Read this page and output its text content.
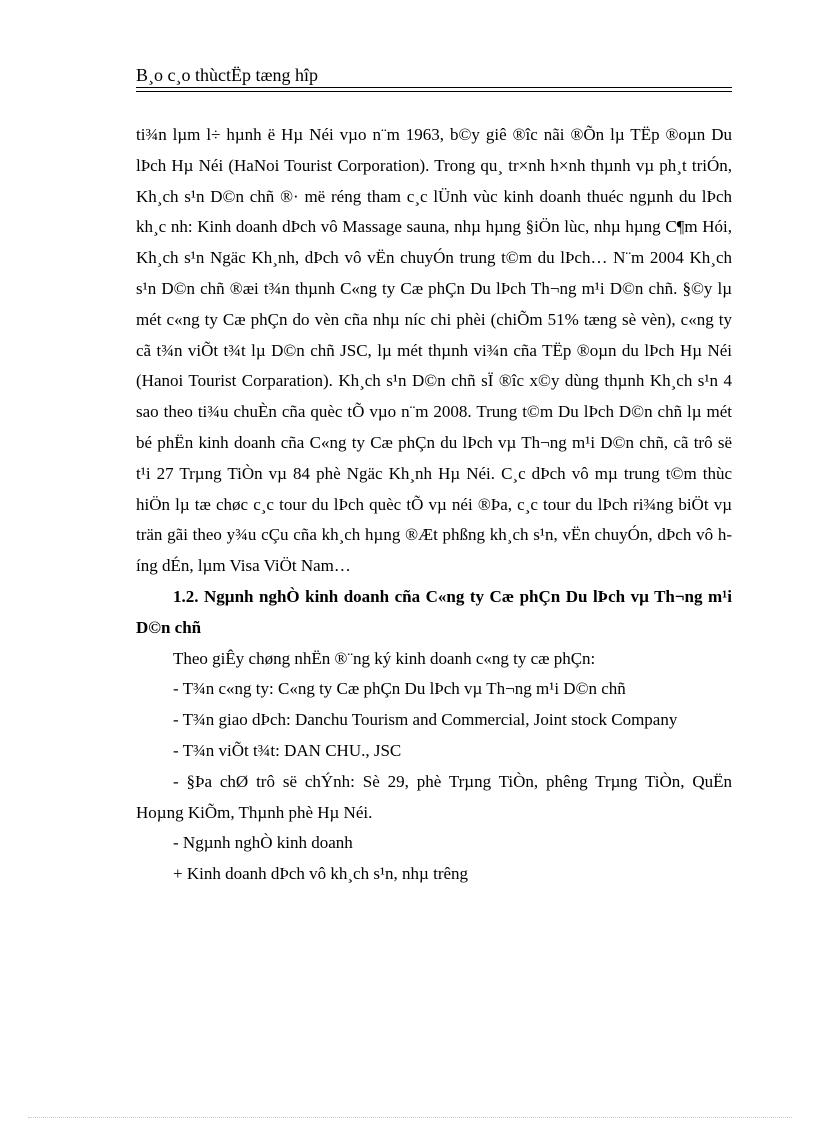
B¸o c¸o thùctËp tæng hîp

ti¾n lµm l÷ hµnh ë Hµ Néi vµo n¨m 1963, b©y giê ®îc nãi ®Õn lµ TËp ®oµn Du lÞch Hµ Néi (HaNoi Tourist Corporation). Trong qu¸ tr×nh h×nh thµnh vµ ph¸t triÓn, Kh¸ch s¹n D©n chñ ®· më réng tham c¸c lÜnh vùc kinh doanh thuéc ngµnh du lÞch kh¸c nh: Kinh doanh dÞch vô Massage sauna, nhµ hµng §iÖn lùc, nhµ hµng C¶m Hói, Kh¸ch s¹n Ngäc Kh¸nh, dÞch vô vËn chuyÓn trung t©m du lÞch… N¨m 2004 Kh¸ch s¹n D©n chñ ®æi t¾n thµnh C«ng ty Cæ phÇn Du lÞch Th¬ng m¹i D©n chñ. §©y lµ mét c«ng ty Cæ phÇn do vèn cña nhµ níc chi phèi (chiÕm 51% tæng sè vèn), c«ng ty cã t¾n viÕt t¾t lµ D©n chñ JSC, lµ mét thµnh vi¾n cña TËp ®oµn du lÞch Hµ Néi (Hanoi Tourist Corparation). Kh¸ch s¹n D©n chñ sÏ ®îc x©y dùng thµnh Kh¸ch s¹n 4 sao theo ti¾u chuÈn cña quèc tÕ vµo n¨m 2008. Trung t©m Du lÞch D©n chñ lµ mét bé phËn kinh doanh cña C«ng ty Cæ phÇn du lÞch vµ Th¬ng m¹i D©n chñ, cã trô së t¹i 27 Trµng TiÒn vµ 84 phè Ngäc Kh¸nh Hµ Néi. C¸c dÞch vô mµ trung t©m thùc hiÖn lµ tæ chøc c¸c tour du lÞch quèc tÕ vµ néi ®Þa, c¸c tour du lÞch ri¾ng biÖt vµ trän gãi theo y¾u cÇu cña kh¸ch hµng ®Æt phßng kh¸ch s¹n, vËn chuyÓn, dÞch vô híng dÉn, lµm Visa ViÖt Nam…

1.2. Ngµnh nghÒ kinh doanh cña C«ng ty Cæ phÇn Du lÞch vµ Th¬ng m¹i D©n chñ

Theo giÊy chøng nhËn ®¨ng ký kinh doanh c«ng ty cæ phÇn:

- T¾n c«ng ty: C«ng ty Cæ phÇn Du lÞch vµ Th¬ng m¹i D©n chñ

- T¾n giao dÞch: Danchu Tourism and Commercial, Joint stock Company

- T¾n viÕt t¾t: DAN CHU., JSC

- §Þa chØ trô së chÝnh: Sè 29, phè Trµng TiÒn, phêng Trµng TiÒn, QuËn Hoµng KiÕm, Thµnh phè Hµ Néi.

- Ngµnh nghÒ kinh doanh

+ Kinh doanh dÞch vô kh¸ch s¹n, nhµ trêng
